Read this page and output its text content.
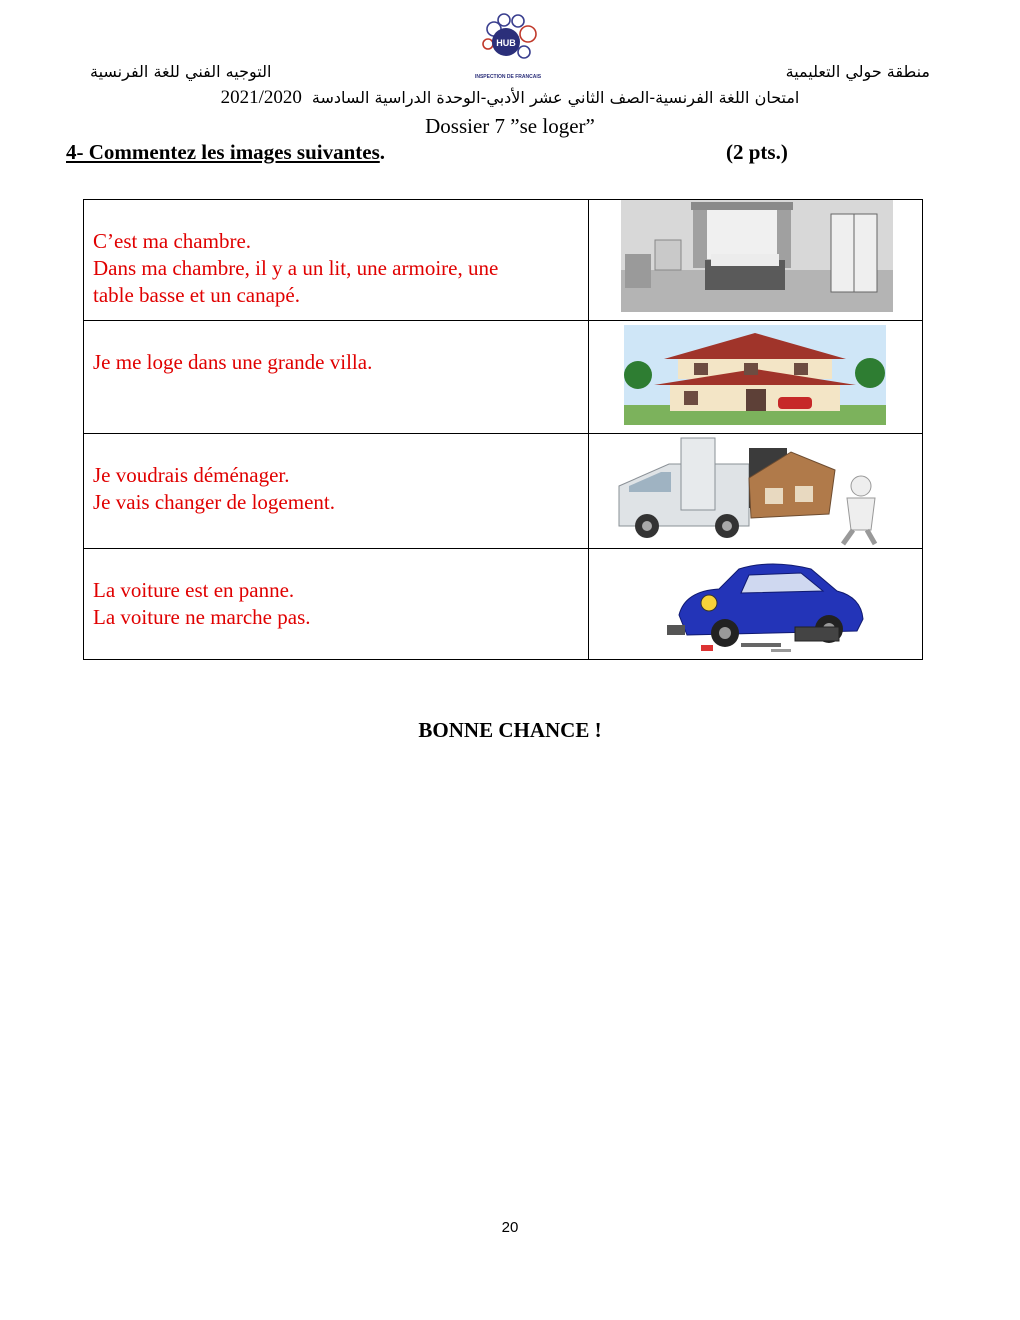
HUB
INSPECTION DE FRANCAIS
التوجيه الفني للغة الفرنسية	منطقة حولي التعليمية
2021/2020 امتحان اللغة الفرنسية-الصف الثاني عشر الأدبي-الوحدة الدراسية السادسة
Dossier 7 ”se loger”
4- Commentez les images suivantes.	(2 pts.)
C’est ma chambre.
Dans ma chambre, il y a un lit, une armoire, une
table basse et un canapé.

Je me loge dans une grande villa.

Je voudrais déménager.
Je vais changer de logement.

La voiture est en panne.
La voiture ne marche pas.

BONNE CHANCE !
20
